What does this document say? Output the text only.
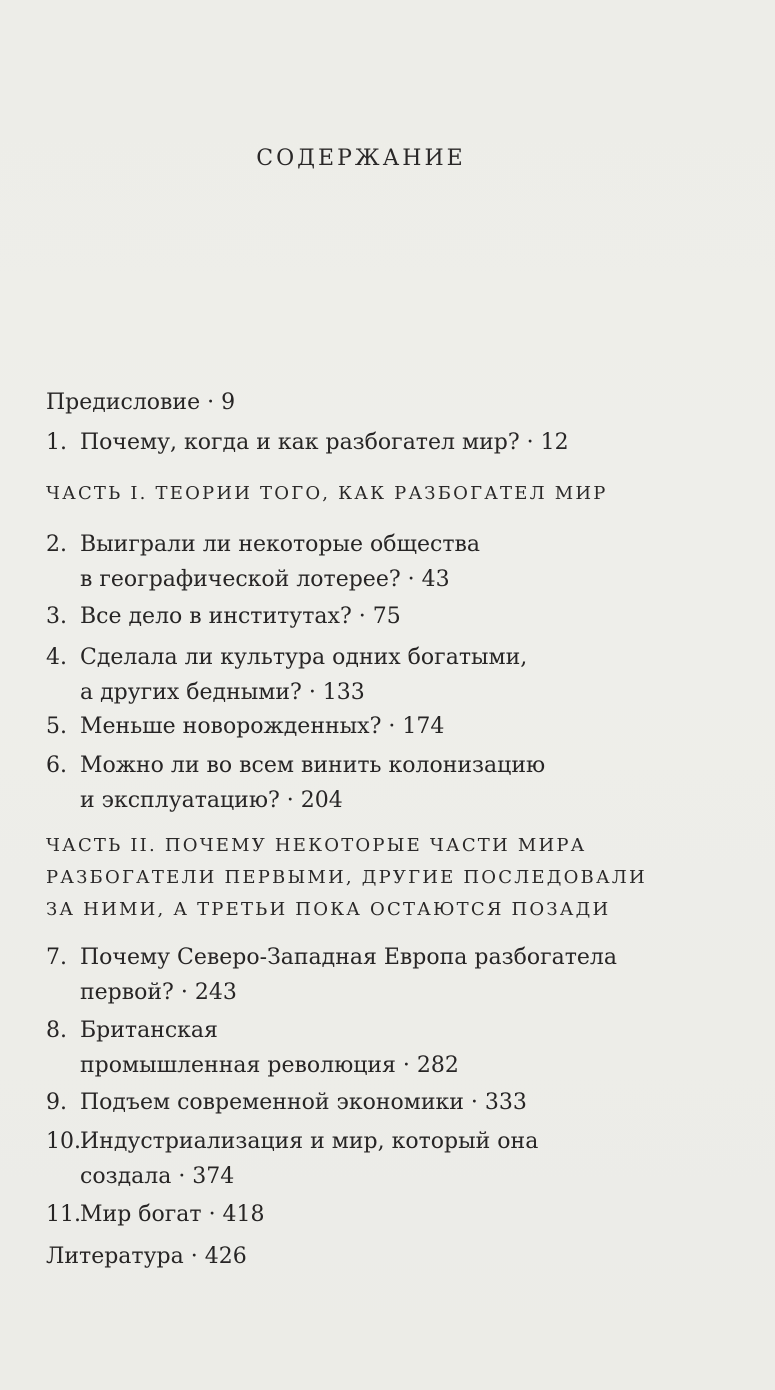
СОДЕРЖАНИЕ
Предисловие · 9
1. Почему, когда и как разбогател мир? · 12
ЧАСТЬ I. ТЕОРИИ ТОГО, КАК РАЗБОГАТЕЛ МИР
2. Выиграли ли некоторые общества
в географической лотерее? · 43
3. Все дело в институтах? · 75
4. Сделала ли культура одних богатыми,
а других бедными? · 133
5. Меньше новорожденных? · 174
6. Можно ли во всем винить колонизацию
и эксплуатацию? · 204
ЧАСТЬ II. ПОЧЕМУ НЕКОТОРЫЕ ЧАСТИ МИРА
РАЗБОГАТЕЛИ ПЕРВЫМИ, ДРУГИЕ ПОСЛЕДОВАЛИ
ЗА НИМИ, А ТРЕТЬИ ПОКА ОСТАЮТСЯ ПОЗАДИ
7. Почему Северо-Западная Европа разбогатела
первой? · 243
8. Британская
промышленная революция · 282
9. Подъем современной экономики · 333
10.Индустриализация и мир, который она
создала · 374
11.Мир богат · 418
Литература · 426
